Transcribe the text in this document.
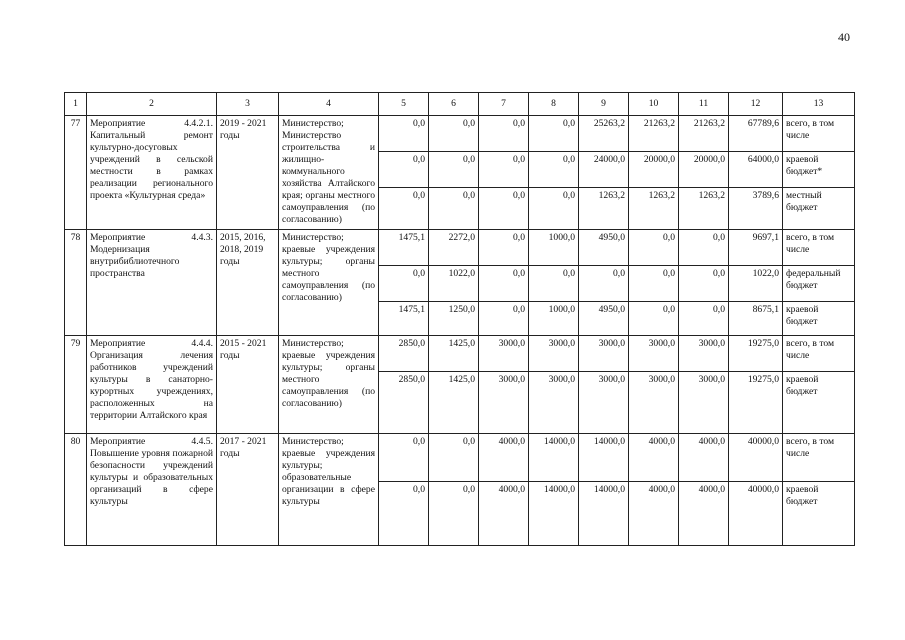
40
1	2	3	4	5	6	7	8	9	10	11	12	13
77	Мероприятие 4.4.2.1. Капитальный ремонт культурно-досуговых учреждений в сельской местности в рамках реализации регионального проекта «Культурная среда»	2019 - 2021 годы	Министерство; Министерство строительства и жилищно-коммунального хозяйства Алтайского края; органы местного самоуправления (по согласованию)	0,0	0,0	0,0	0,0	25263,2	21263,2	21263,2	67789,6	всего, в том числе
				0,0	0,0	0,0	0,0	24000,0	20000,0	20000,0	64000,0	краевой бюджет*
				0,0	0,0	0,0	0,0	1263,2	1263,2	1263,2	3789,6	местный бюджет
78	Мероприятие 4.4.3. Модернизация внутрибиблиотечного пространства	2015, 2016, 2018, 2019 годы	Министерство; краевые учреждения культуры; органы местного самоуправления (по согласованию)	1475,1	2272,0	0,0	1000,0	4950,0	0,0	0,0	9697,1	всего, в том числе
				0,0	1022,0	0,0	0,0	0,0	0,0	0,0	1022,0	федеральный бюджет
				1475,1	1250,0	0,0	1000,0	4950,0	0,0	0,0	8675,1	краевой бюджет
79	Мероприятие 4.4.4. Организация лечения работников учреждений культуры в санаторно-курортных учреждениях, расположенных на территории Алтайского края	2015 - 2021 годы	Министерство; краевые учреждения культуры; органы местного самоуправления (по согласованию)	2850,0	1425,0	3000,0	3000,0	3000,0	3000,0	3000,0	19275,0	всего, в том числе
				2850,0	1425,0	3000,0	3000,0	3000,0	3000,0	3000,0	19275,0	краевой бюджет
80	Мероприятие 4.4.5. Повышение уровня пожарной безопасности учреждений культуры и образовательных организаций в сфере культуры	2017 - 2021 годы	Министерство; краевые учреждения культуры; образовательные организации в сфере культуры	0,0	0,0	4000,0	14000,0	14000,0	4000,0	4000,0	40000,0	всего, в том числе
				0,0	0,0	4000,0	14000,0	14000,0	4000,0	4000,0	40000,0	краевой бюджет
